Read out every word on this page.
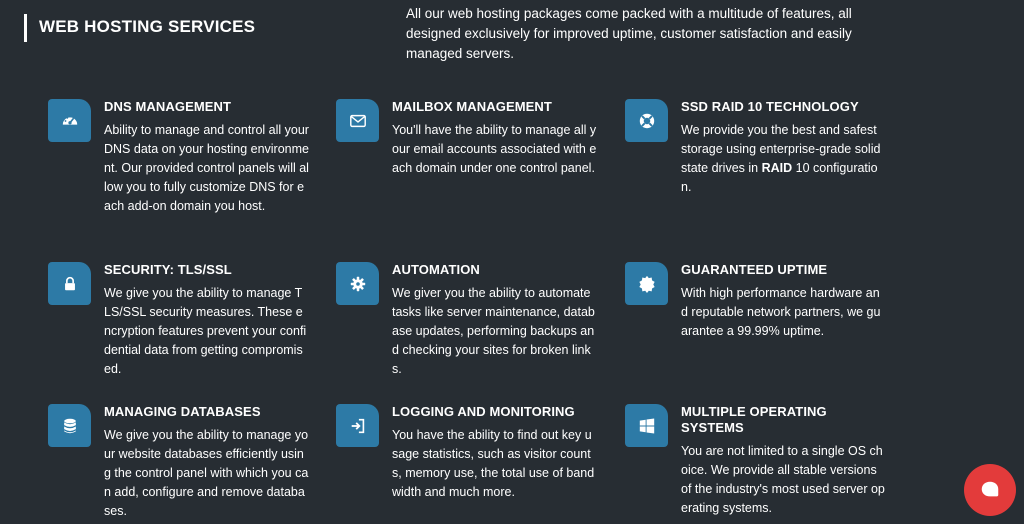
WEB HOSTING SERVICES

All our web hosting packages come packed with a multitude of features, all designed exclusively for improved uptime, customer satisfaction and easily managed servers.

DNS MANAGEMENT

Ability to manage and control all your DNS data on your hosting environment. Our provided control panels will allow you to fully customize DNS for each add-on domain you host.

MAILBOX MANAGEMENT

You'll have the ability to manage all your email accounts associated with each domain under one control panel.

SSD RAID 10 TECHNOLOGY

We provide you the best and safest storage using enterprise-grade solid state drives in RAID 10 configuration.

SECURITY: TLS/SSL

We give you the ability to manage TLS/SSL security measures. These encryption features prevent your confidential data from getting compromised.

AUTOMATION

We giver you the ability to automate tasks like server maintenance, database updates, performing backups and checking your sites for broken links.

GUARANTEED UPTIME

With high performance hardware and reputable network partners, we guarantee a 99.99% uptime.

MANAGING DATABASES

We give you the ability to manage your website databases efficiently using the control panel with which you can add, configure and remove databases.

LOGGING AND MONITORING

You have the ability to find out key usage statistics, such as visitor counts, memory use, the total use of bandwidth and much more.

MULTIPLE OPERATING SYSTEMS

You are not limited to a single OS choice. We provide all stable versions of the industry's most used server operating systems.
